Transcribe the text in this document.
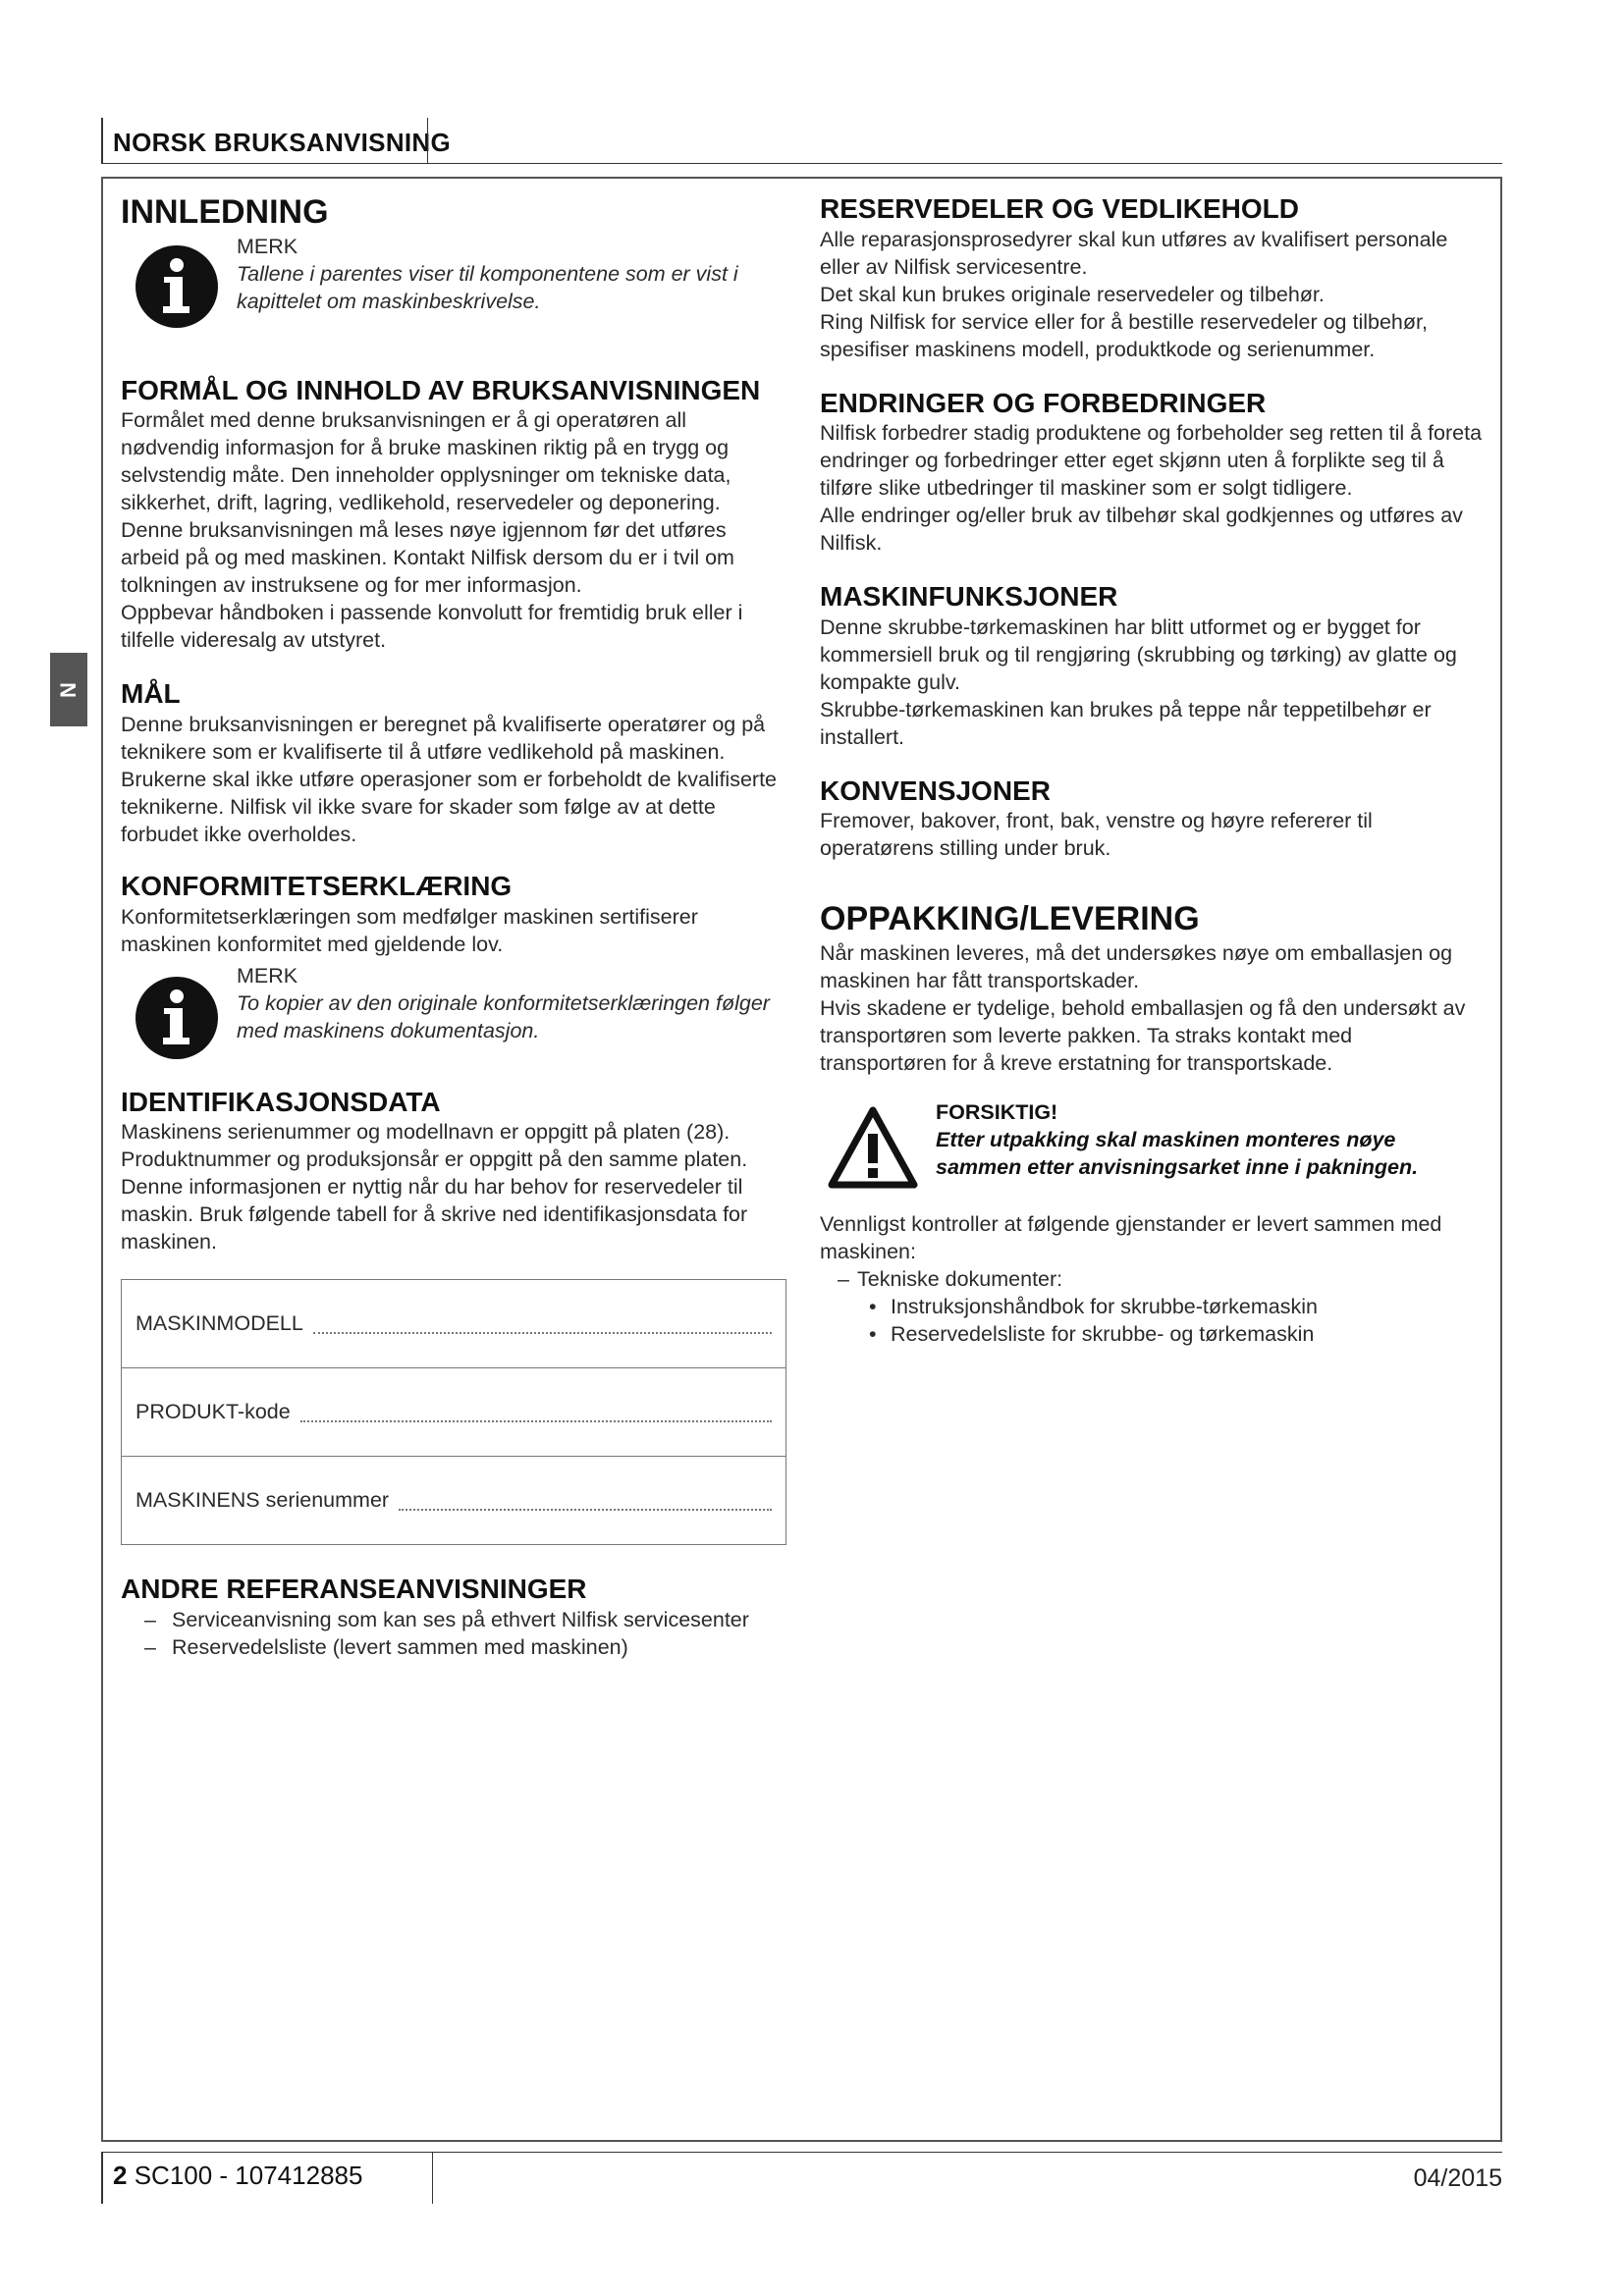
NORSK BRUKSANVISNING
N
INNLEDNING
MERK
Tallene i parentes viser til komponentene som er vist i kapittelet om maskinbeskrivelse.
FORMÅL OG INNHOLD AV BRUKSANVISNINGEN

Formålet med denne bruksanvisningen er å gi operatøren all nødvendig informasjon for å bruke maskinen riktig på en trygg og selvstendig måte. Den inneholder opplysninger om tekniske data, sikkerhet, drift, lagring, vedlikehold, reservedeler og deponering.

Denne bruksanvisningen må leses nøye igjennom før det utføres arbeid på og med maskinen. Kontakt Nilfisk dersom du er i tvil om tolkningen av instruksene og for mer informasjon.

Oppbevar håndboken i passende konvolutt for fremtidig bruk eller i tilfelle videresalg av utstyret.

MÅL

Denne bruksanvisningen er beregnet på kvalifiserte operatører og på teknikere som er kvalifiserte til å utføre vedlikehold på maskinen.

Brukerne skal ikke utføre operasjoner som er forbeholdt de kvalifiserte teknikerne. Nilfisk vil ikke svare for skader som følge av at dette forbudet ikke overholdes.

KONFORMITETSERKLÆRING

Konformitetserklæringen som medfølger maskinen sertifiserer maskinen konformitet med gjeldende lov.

MERK
To kopier av den originale konformitetserklæringen følger med maskinens dokumentasjon.
IDENTIFIKASJONSDATA

Maskinens serienummer og modellnavn er oppgitt på platen (28).

Produktnummer og produksjonsår er oppgitt på den samme platen.

Denne informasjonen er nyttig når du har behov for reservedeler til maskin. Bruk følgende tabell for å skrive ned identifikasjonsdata for maskinen.

MASKINMODELL
PRODUKT-kode
MASKINENS serienummer
ANDRE REFERANSEANVISNINGER
– Serviceanvisning som kan ses på ethvert Nilfisk servicesenter
– Reservedelsliste (levert sammen med maskinen)
RESERVEDELER OG VEDLIKEHOLD

Alle reparasjonsprosedyrer skal kun utføres av kvalifisert personale eller av Nilfisk servicesentre.

Det skal kun brukes originale reservedeler og tilbehør.

Ring Nilfisk for service eller for å bestille reservedeler og tilbehør, spesifiser maskinens modell, produktkode og serienummer.

ENDRINGER OG FORBEDRINGER

Nilfisk forbedrer stadig produktene og forbeholder seg retten til å foreta endringer og forbedringer etter eget skjønn uten å forplikte seg til å tilføre slike utbedringer til maskiner som er solgt tidligere.

Alle endringer og/eller bruk av tilbehør skal godkjennes og utføres av Nilfisk.

MASKINFUNKSJONER

Denne skrubbe-tørkemaskinen har blitt utformet og er bygget for kommersiell bruk og til rengjøring (skrubbing og tørking) av glatte og kompakte gulv.

Skrubbe-tørkemaskinen kan brukes på teppe når teppetilbehør er installert.

KONVENSJONER

Fremover, bakover, front, bak, venstre og høyre refererer til operatørens stilling under bruk.

OPPAKKING/LEVERING

Når maskinen leveres, må det undersøkes nøye om emballasjen og maskinen har fått transportskader.

Hvis skadene er tydelige, behold emballasjen og få den undersøkt av transportøren som leverte pakken. Ta straks kontakt med transportøren for å kreve erstatning for transportskade.

FORSIKTIG!
Etter utpakking skal maskinen monteres nøye sammen etter anvisningsarket inne i pakningen.

Vennligst kontroller at følgende gjenstander er levert sammen med maskinen:

– Tekniske dokumenter:
• Instruksjonshåndbok for skrubbe-tørkemaskin
• Reservedelsliste for skrubbe- og tørkemaskin
2 SC100 - 107412885	04/2015
